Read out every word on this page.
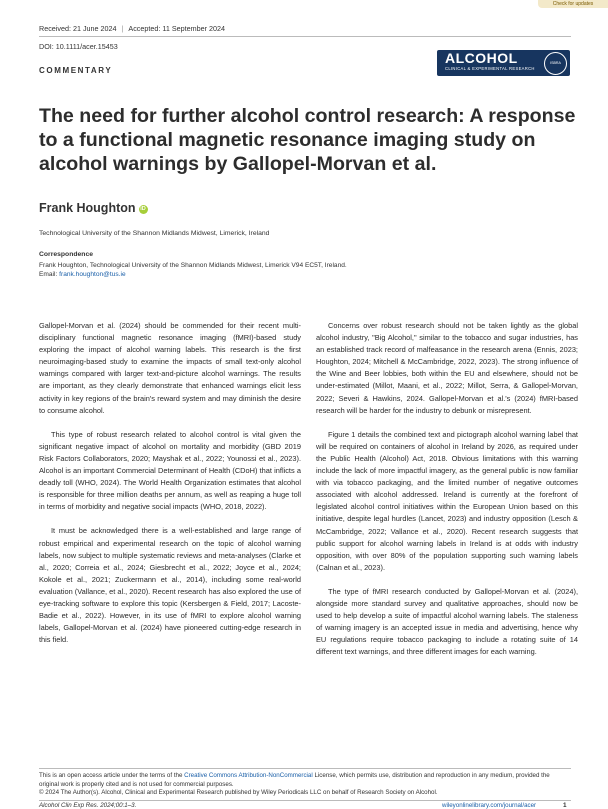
Check for updates
Received: 21 June 2024 | Accepted: 11 September 2024
DOI: 10.1111/acer.15453
COMMENTARY
ALCOHOL
CLINICAL & EXPERIMENTAL RESEARCH
ISBRA
The need for further alcohol control research: A response to a functional magnetic resonance imaging study on alcohol warnings by Gallopel-Morvan et al.
Frank Houghton iD
Technological University of the Shannon Midlands Midwest, Limerick, Ireland
Correspondence
Frank Houghton, Technological University of the Shannon Midlands Midwest, Limerick V94 EC5T, Ireland.
Email: frank.houghton@tus.ie

Gallopel-Morvan et al. (2024) should be commended for their recent multi-disciplinary functional magnetic resonance imaging (fMRI)-based study exploring the impact of alcohol warning labels. This research is the first neuroimaging-based study to examine the impacts of small text-only alcohol warnings compared with larger text-and-picture alcohol warnings. The results are important, as they clearly demonstrate that enhanced warnings elicit less activity in key regions of the brain's reward system and may diminish the desire to consume alcohol.

This type of robust research related to alcohol control is vital given the significant negative impact of alcohol on mortality and morbidity (GBD 2019 Risk Factors Collaborators, 2020; Mayshak et al., 2022; Younossi et al., 2023). Alcohol is an important Commercial Determinant of Health (CDoH) that inflicts a deadly toll (WHO, 2024). The World Health Organization estimates that alcohol is responsible for three million deaths per annum, as well as reaping a huge toll in terms of morbidity and negative social impacts (WHO, 2018, 2022).

It must be acknowledged there is a well-established and large range of robust empirical and experimental research on the topic of alcohol warning labels, now subject to multiple systematic reviews and meta-analyses (Clarke et al., 2020; Correia et al., 2024; Giesbrecht et al., 2022; Joyce et al., 2024; Kokole et al., 2021; Zuckermann et al., 2014), including some real-world evaluation (Vallance, et al., 2020). Recent research has also explored the use of eye-tracking software to explore this topic (Kersbergen & Field, 2017; Lacoste-Badie et al., 2022). However, in its use of fMRI to explore alcohol warning labels, Gallopel-Morvan et al. (2024) have pioneered cutting-edge research in this field.

Concerns over robust research should not be taken lightly as the global alcohol industry, "Big Alcohol," similar to the tobacco and sugar industries, has an established track record of malfeasance in the research arena (Ennis, 2023; Houghton, 2024; Mitchell & McCambridge, 2022, 2023). The strong influence of the Wine and Beer lobbies, both within the EU and elsewhere, should not be under-estimated (Millot, Maani, et al., 2022; Millot, Serra, & Gallopel-Morvan, 2022; Severi & Hawkins, 2024. Gallopel-Morvan et al.'s (2024) fMRI-based research will be harder for the industry to debunk or misrepresent.

Figure 1 details the combined text and pictograph alcohol warning label that will be required on containers of alcohol in Ireland by 2026, as required under the Public Health (Alcohol) Act, 2018. Obvious limitations with this warning include the lack of more impactful imagery, as the general public is now familiar with via tobacco packaging, and the limited number of negative outcomes associated with alcohol addressed. Ireland is currently at the forefront of legislated alcohol control initiatives within the European Union based on this initiative, despite legal hurdles (Lancet, 2023) and industry opposition (Lesch & McCambridge, 2022; Vallance et al., 2020). Recent research suggests that public support for alcohol warning labels in Ireland is at odds with industry opposition, with over 80% of the population supporting such warning labels (Calnan et al., 2023).

The type of fMRI research conducted by Gallopel-Morvan et al. (2024), alongside more standard survey and qualitative approaches, should now be used to help develop a suite of impactful alcohol warning labels. The staleness of warning imagery is an accepted issue in media and advertising, hence why EU regulations require tobacco packaging to include a rotating suite of 14 different text warnings, and three different images for each warning.

This is an open access article under the terms of the Creative Commons Attribution-NonCommercial License, which permits use, distribution and reproduction in any medium, provided the original work is properly cited and is not used for commercial purposes.
© 2024 The Author(s). Alcohol, Clinical and Experimental Research published by Wiley Periodicals LLC on behalf of Research Society on Alcohol.
Alcohol Clin Exp Res. 2024;00:1–3.	wileyonlinelibrary.com/journal/acer	1
